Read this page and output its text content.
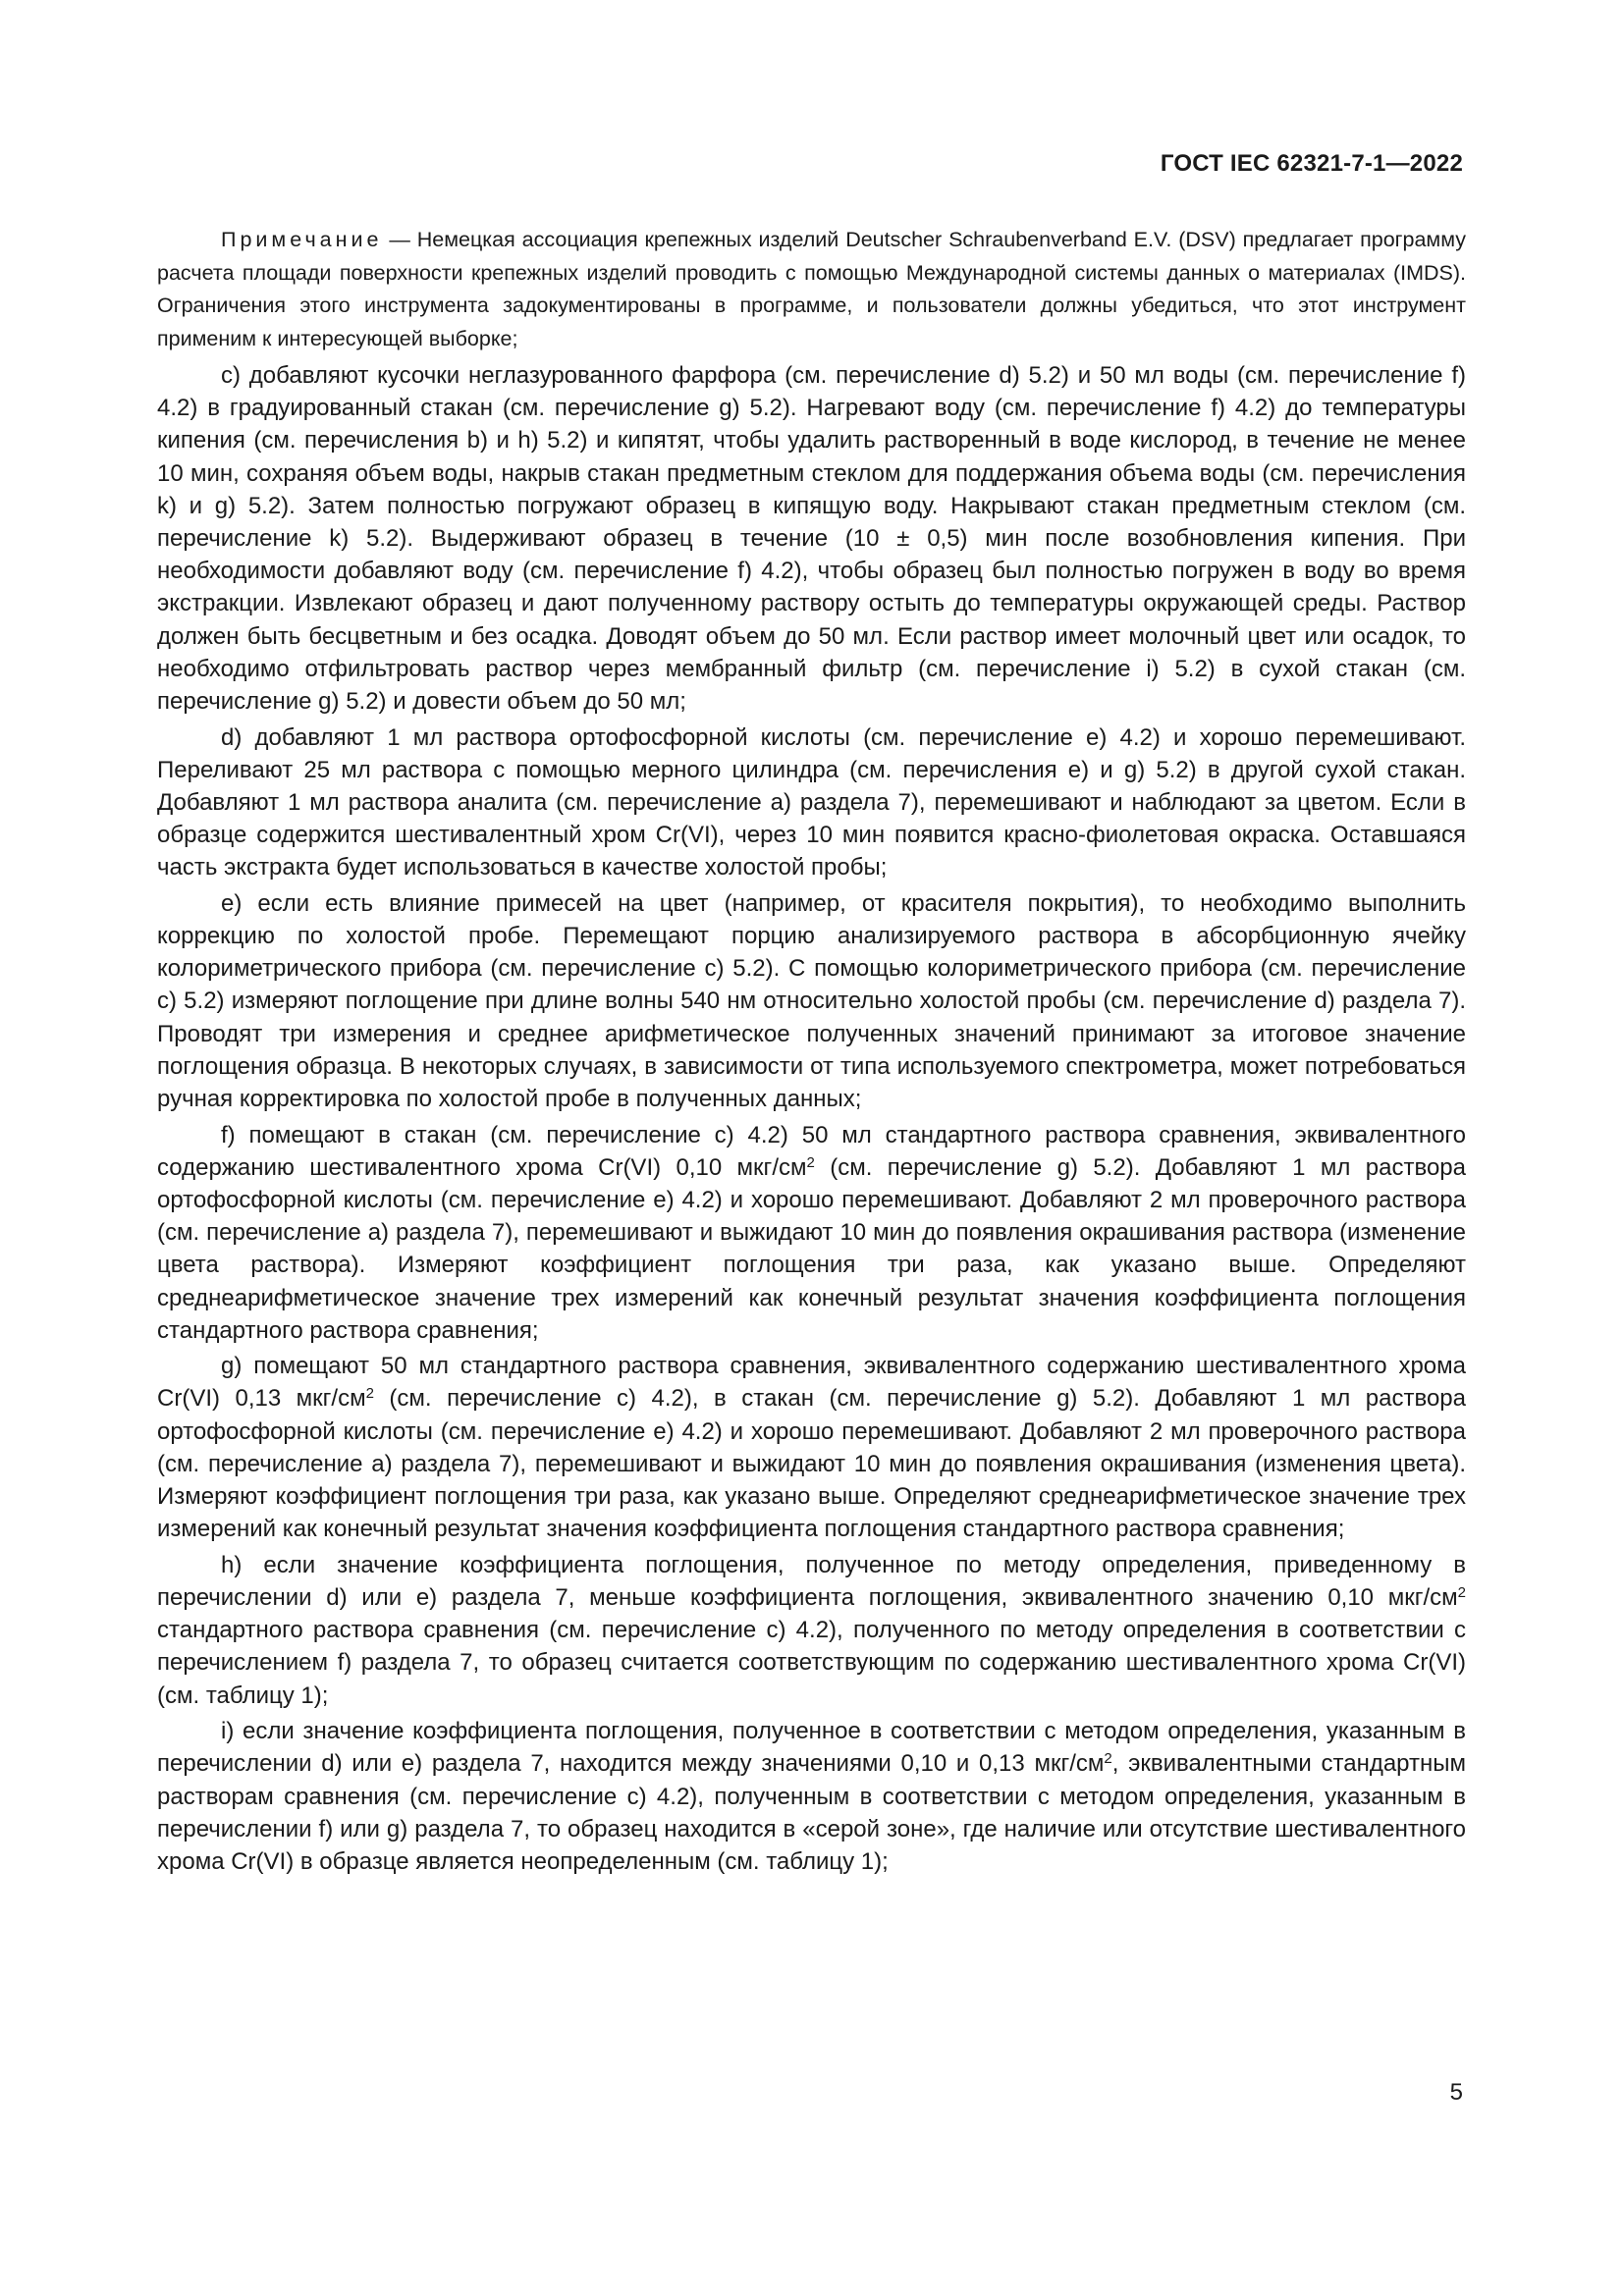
ГОСТ IEC 62321-7-1—2022

Примечание — Немецкая ассоциация крепежных изделий Deutscher Schraubenverband E.V. (DSV) предлагает программу расчета площади поверхности крепежных изделий проводить с помощью Международной системы данных о материалах (IMDS). Ограничения этого инструмента задокументированы в программе, и пользователи должны убедиться, что этот инструмент применим к интересующей выборке;

c) добавляют кусочки неглазурованного фарфора (см. перечисление d) 5.2) и 50 мл воды (см. перечисление f) 4.2) в градуированный стакан (см. перечисление g) 5.2). Нагревают воду (см. перечисление f) 4.2) до температуры кипения (см. перечисления b) и h) 5.2) и кипятят, чтобы удалить растворенный в воде кислород, в течение не менее 10 мин, сохраняя объем воды, накрыв стакан предметным стеклом для поддержания объема воды (см. перечисления k) и g) 5.2). Затем полностью погружают образец в кипящую воду. Накрывают стакан предметным стеклом (см. перечисление k) 5.2). Выдерживают образец в течение (10 ± 0,5) мин после возобновления кипения. При необходимости добавляют воду (см. перечисление f) 4.2), чтобы образец был полностью погружен в воду во время экстракции. Извлекают образец и дают полученному раствору остыть до температуры окружающей среды. Раствор должен быть бесцветным и без осадка. Доводят объем до 50 мл. Если раствор имеет молочный цвет или осадок, то необходимо отфильтровать раствор через мембранный фильтр (см. перечисление i) 5.2) в сухой стакан (см. перечисление g) 5.2) и довести объем до 50 мл;

d) добавляют 1 мл раствора ортофосфорной кислоты (см. перечисление е) 4.2) и хорошо перемешивают. Переливают 25 мл раствора с помощью мерного цилиндра (см. перечисления е) и g) 5.2) в другой сухой стакан. Добавляют 1 мл раствора аналита (см. перечисление а) раздела 7), перемешивают и наблюдают за цветом. Если в образце содержится шестивалентный хром Cr(VI), через 10 мин появится красно-фиолетовая окраска. Оставшаяся часть экстракта будет использоваться в качестве холостой пробы;

e) если есть влияние примесей на цвет (например, от красителя покрытия), то необходимо выполнить коррекцию по холостой пробе. Перемещают порцию анализируемого раствора в абсорбционную ячейку колориметрического прибора (см. перечисление с) 5.2). С помощью колориметрического прибора (см. перечисление с) 5.2) измеряют поглощение при длине волны 540 нм относительно холостой пробы (см. перечисление d) раздела 7). Проводят три измерения и среднее арифметическое полученных значений принимают за итоговое значение поглощения образца. В некоторых случаях, в зависимости от типа используемого спектрометра, может потребоваться ручная корректировка по холостой пробе в полученных данных;

f) помещают в стакан (см. перечисление с) 4.2) 50 мл стандартного раствора сравнения, эквивалентного содержанию шестивалентного хрома Cr(VI) 0,10 мкг/$см^2$ (см. перечисление g) 5.2). Добавляют 1 мл раствора ортофосфорной кислоты (см. перечисление е) 4.2) и хорошо перемешивают. Добавляют 2 мл проверочного раствора (см. перечисление а) раздела 7), перемешивают и выжидают 10 мин до появления окрашивания раствора (изменение цвета раствора). Измеряют коэффициент поглощения три раза, как указано выше. Определяют среднеарифметическое значение трех измерений как конечный результат значения коэффициента поглощения стандартного раствора сравнения;

g) помещают 50 мл стандартного раствора сравнения, эквивалентного содержанию шестивалентного хрома Cr(VI) 0,13 мкг/$см^2$ (см. перечисление с) 4.2), в стакан (см. перечисление g) 5.2). Добавляют 1 мл раствора ортофосфорной кислоты (см. перечисление е) 4.2) и хорошо перемешивают. Добавляют 2 мл проверочного раствора (см. перечисление а) раздела 7), перемешивают и выжидают 10 мин до появления окрашивания (изменения цвета). Измеряют коэффициент поглощения три раза, как указано выше. Определяют среднеарифметическое значение трех измерений как конечный результат значения коэффициента поглощения стандартного раствора сравнения;

h) если значение коэффициента поглощения, полученное по методу определения, приведенному в перечислении d) или е) раздела 7, меньше коэффициента поглощения, эквивалентного значению 0,10 мкг/$см^2$ стандартного раствора сравнения (см. перечисление с) 4.2), полученного по методу определения в соответствии с перечислением f) раздела 7, то образец считается соответствующим по содержанию шестивалентного хрома Cr(VI) (см. таблицу 1);

i) если значение коэффициента поглощения, полученное в соответствии с методом определения, указанным в перечислении d) или е) раздела 7, находится между значениями 0,10 и 0,13 мкг/$см^2$, эквивалентными стандартным растворам сравнения (см. перечисление с) 4.2), полученным в соответствии с методом определения, указанным в перечислении f) или g) раздела 7, то образец находится в «серой зоне», где наличие или отсутствие шестивалентного хрома Cr(VI) в образце является неопределенным (см. таблицу 1);

5
